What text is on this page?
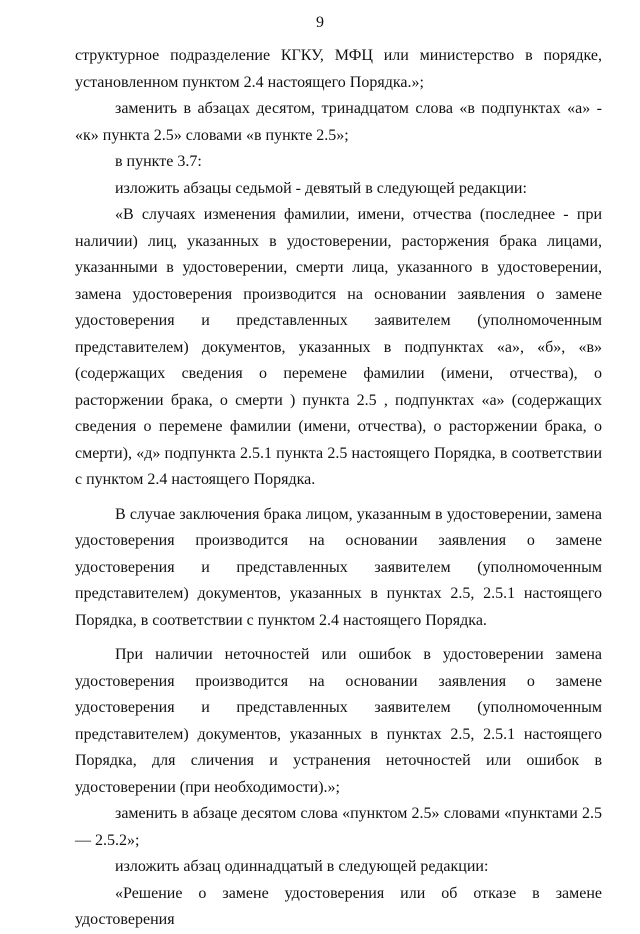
9

структурное подразделение КГКУ, МФЦ или министерство в порядке, установленном пунктом 2.4 настоящего Порядка.»;

заменить в абзацах десятом, тринадцатом слова «в подпунктах «а» - «к» пункта 2.5» словами «в пункте 2.5»;

в пункте 3.7:

изложить абзацы седьмой - девятый в следующей редакции:

«В случаях изменения фамилии, имени, отчества (последнее - при наличии) лиц, указанных в удостоверении, расторжения брака лицами, указанными в удостоверении, смерти лица, указанного в удостоверении, замена удостоверения производится на основании заявления о замене удостоверения и представленных заявителем (уполномоченным представителем) документов, указанных в подпунктах «а», «б», «в» (содержащих сведения о перемене фамилии (имени, отчества), о расторжении брака, о смерти ) пункта 2.5 , подпунктах «а» (содержащих сведения о перемене фамилии (имени, отчества), о расторжении брака, о смерти), «д» подпункта 2.5.1 пункта 2.5 настоящего Порядка, в соответствии с пунктом 2.4 настоящего Порядка.

В случае заключения брака лицом, указанным в удостоверении, замена удостоверения производится на основании заявления о замене удостоверения и представленных заявителем (уполномоченным представителем) документов, указанных в пунктах 2.5, 2.5.1 настоящего Порядка, в соответствии с пунктом 2.4 настоящего Порядка.

При наличии неточностей или ошибок в удостоверении замена удостоверения производится на основании заявления о замене удостоверения и представленных заявителем (уполномоченным представителем) документов, указанных в пунктах 2.5, 2.5.1 настоящего Порядка, для сличения и устранения неточностей или ошибок в удостоверении (при необходимости).»;

заменить в абзаце десятом слова «пунктом 2.5» словами «пунктами 2.5 — 2.5.2»;

изложить абзац одиннадцатый в следующей редакции:

«Решение о замене удостоверения или об отказе в замене удостоверения
